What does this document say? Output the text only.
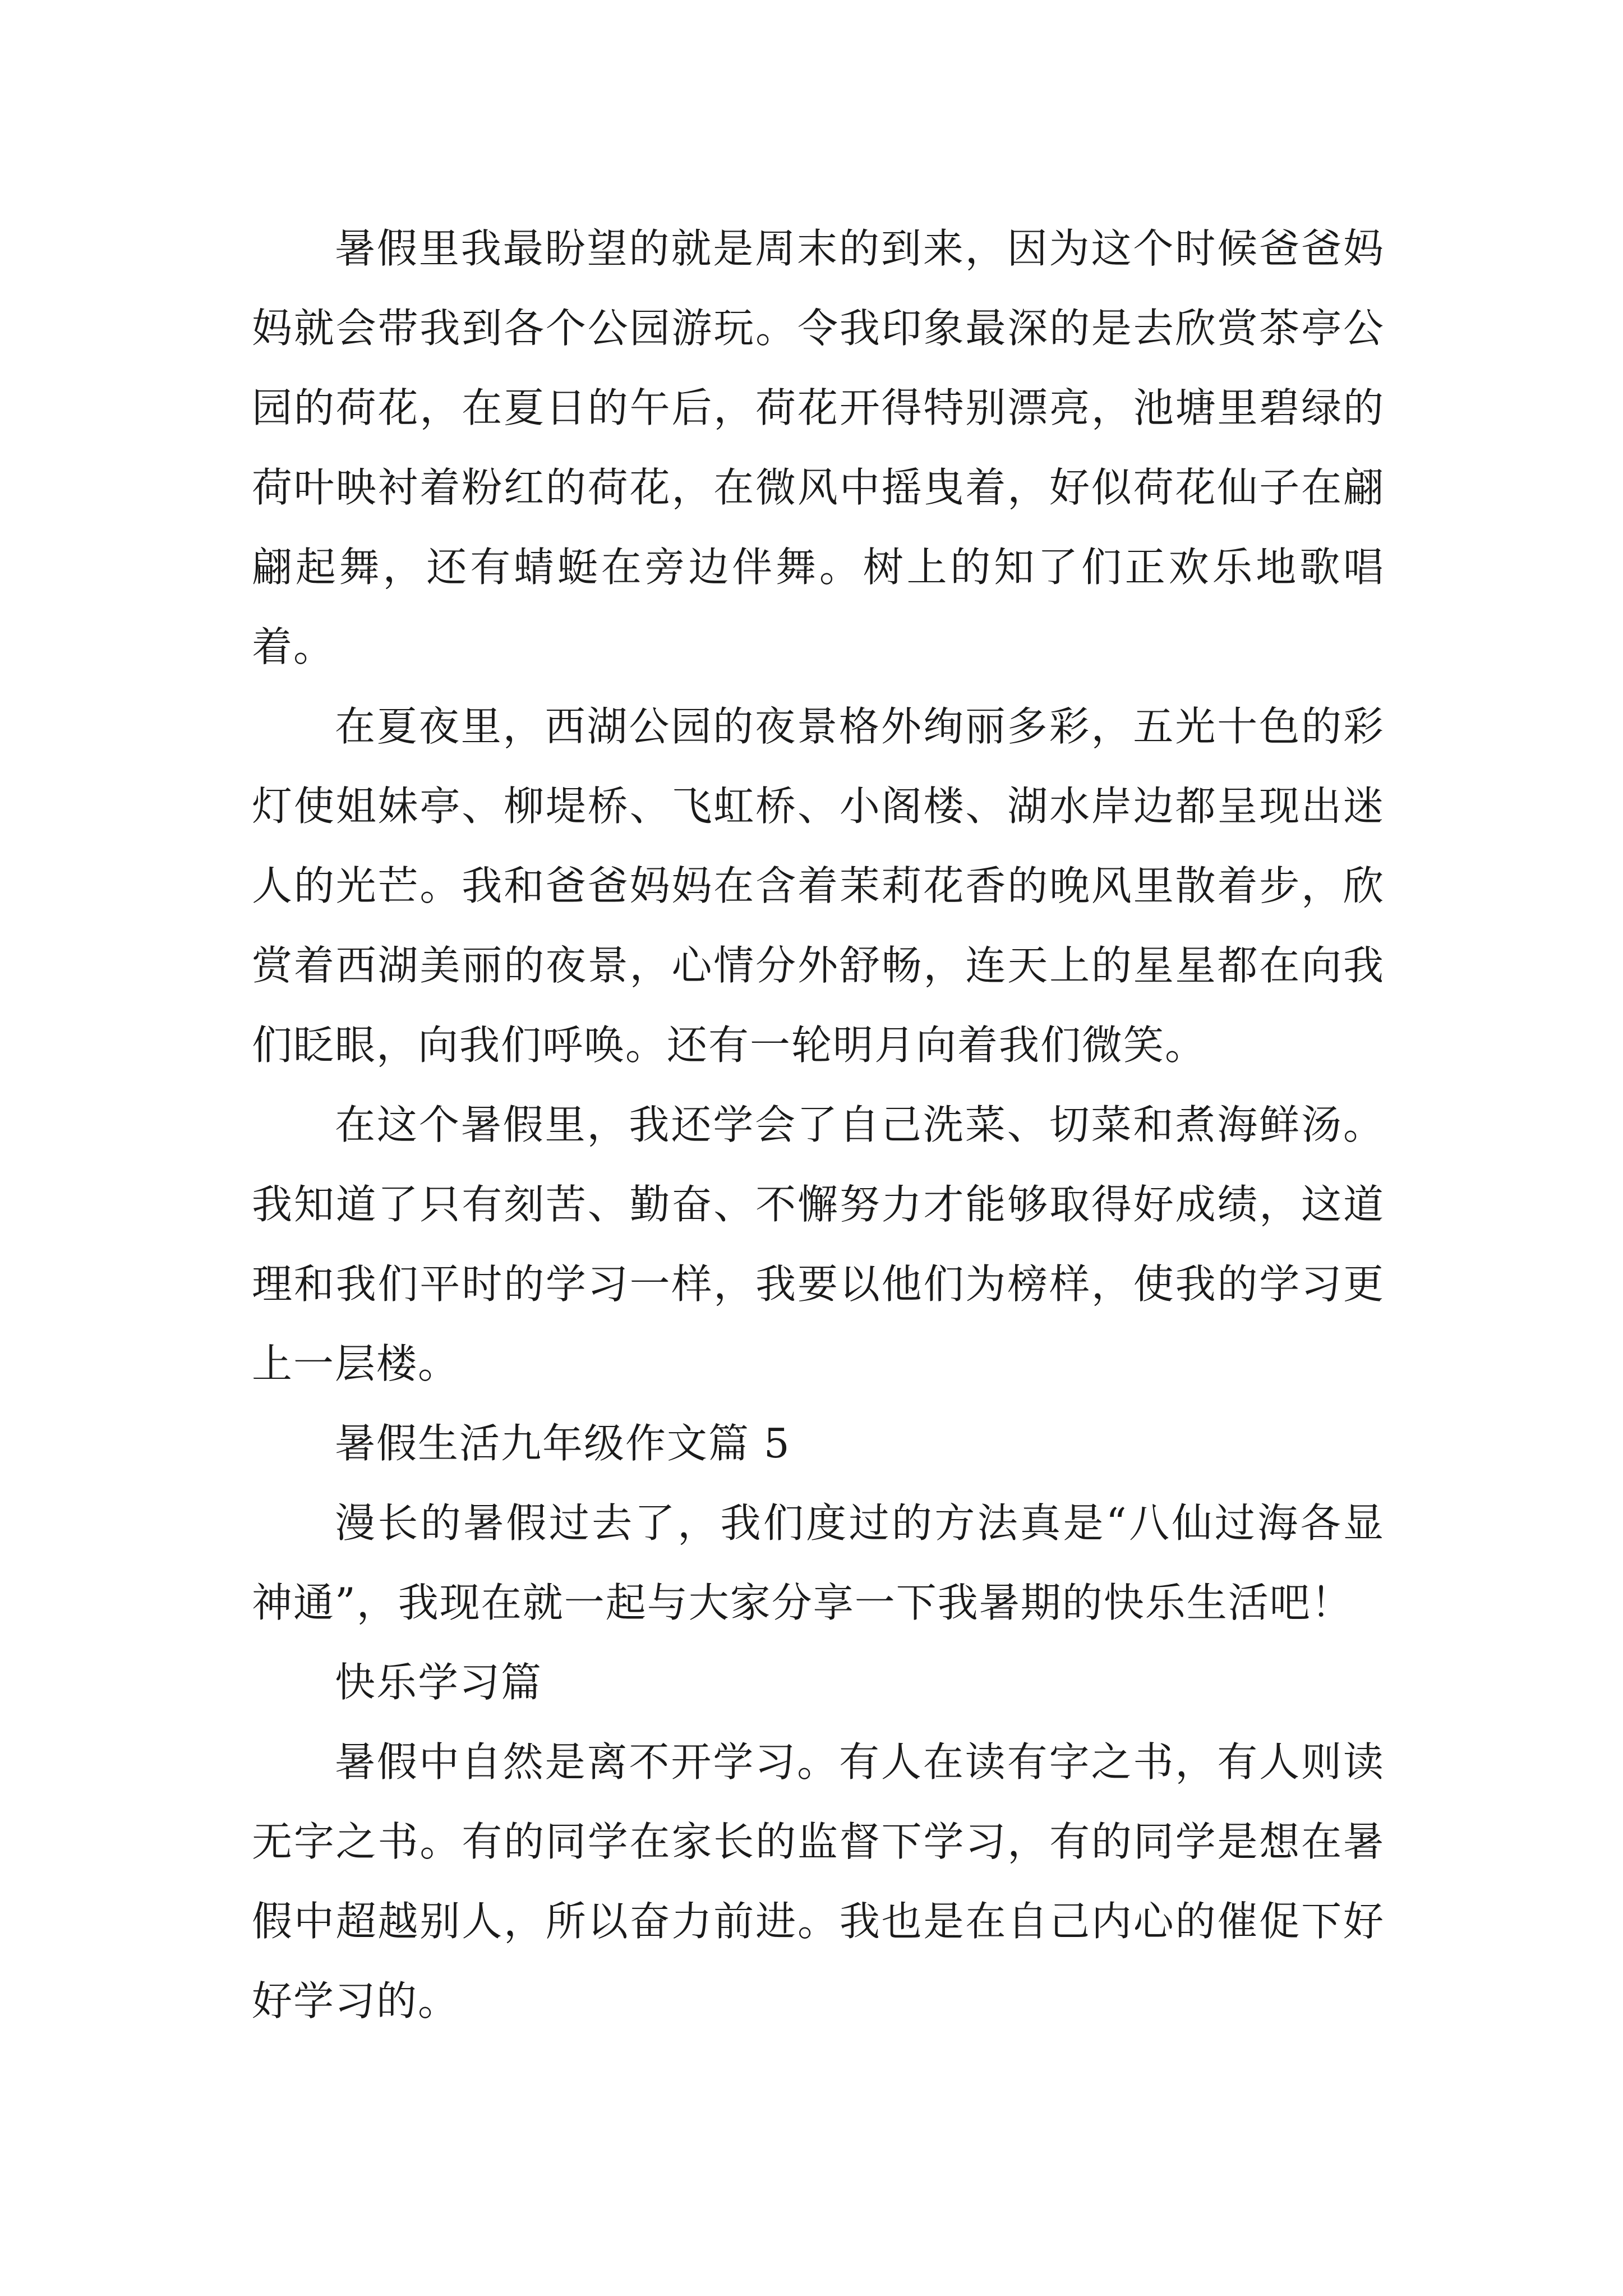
暑假里我最盼望的就是周末的到来，因为这个时候爸爸妈妈就会带我到各个公园游玩。令我印象最深的是去欣赏茶亭公园的荷花，在夏日的午后，荷花开得特别漂亮，池塘里碧绿的荷叶映衬着粉红的荷花，在微风中摇曳着，好似荷花仙子在翩翩起舞，还有蜻蜓在旁边伴舞。树上的知了们正欢乐地歌唱着。

在夏夜里，西湖公园的夜景格外绚丽多彩，五光十色的彩灯使姐妹亭、柳堤桥、飞虹桥、小阁楼、湖水岸边都呈现出迷人的光芒。我和爸爸妈妈在含着茉莉花香的晚风里散着步，欣赏着西湖美丽的夜景，心情分外舒畅，连天上的星星都在向我们眨眼，向我们呼唤。还有一轮明月向着我们微笑。

在这个暑假里，我还学会了自己洗菜、切菜和煮海鲜汤。我知道了只有刻苦、勤奋、不懈努力才能够取得好成绩，这道理和我们平时的学习一样，我要以他们为榜样，使我的学习更上一层楼。

暑假生活九年级作文篇 5

漫长的暑假过去了，我们度过的方法真是“八仙过海各显神通”，我现在就一起与大家分享一下我暑期的快乐生活吧！

快乐学习篇

暑假中自然是离不开学习。有人在读有字之书，有人则读无字之书。有的同学在家长的监督下学习，有的同学是想在暑假中超越别人，所以奋力前进。我也是在自己内心的催促下好好学习的。
